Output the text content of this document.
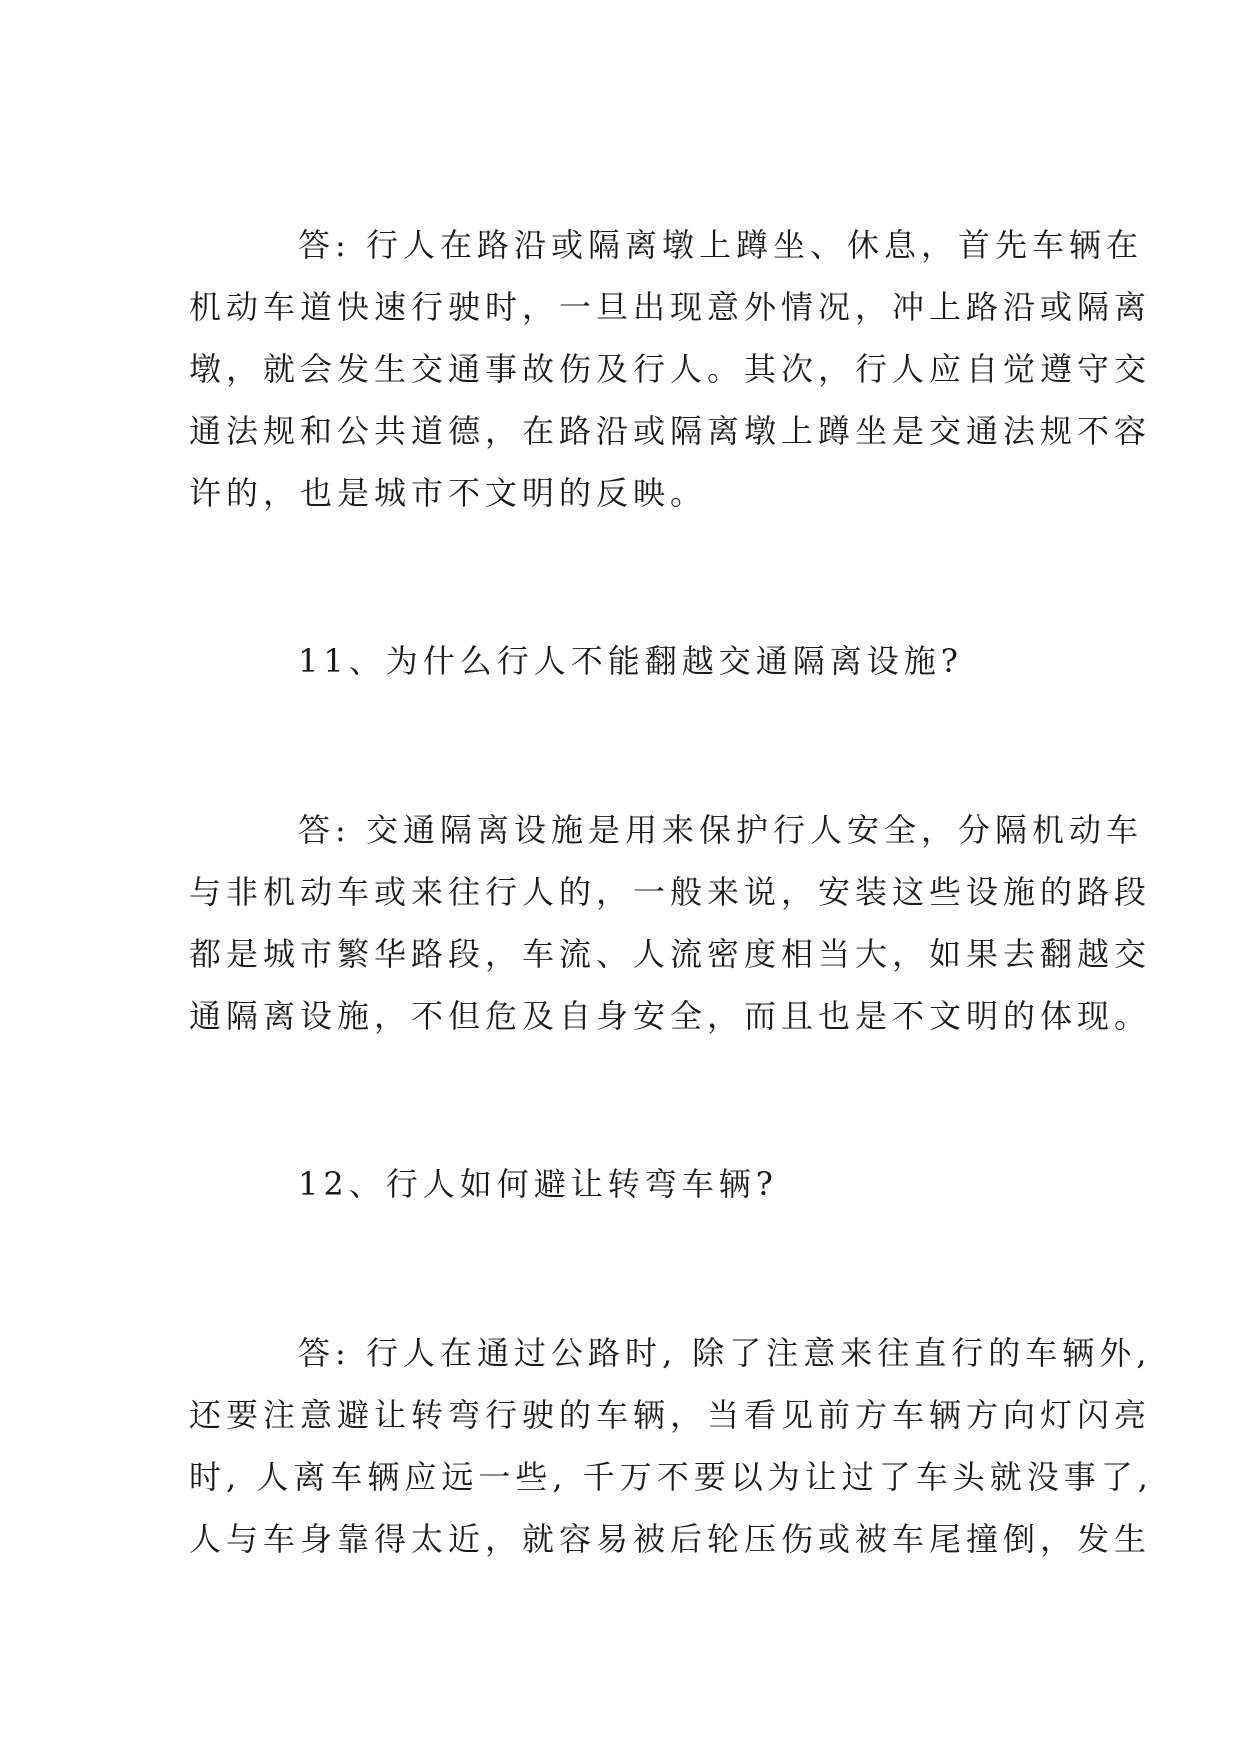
答: 行人在路沿或隔离墩上蹲坐、休息，首先车辆在
机动车道快速行驶时，一旦出现意外情况，冲上路沿或隔离
墩，就会发生交通事故伤及行人。其次，行人应自觉遵守交
通法规和公共道德，在路沿或隔离墩上蹲坐是交通法规不容
许的，也是城市不文明的反映。
11、为什么行人不能翻越交通隔离设施?
答: 交通隔离设施是用来保护行人安全，分隔机动车
与非机动车或来往行人的，一般来说，安装这些设施的路段
都是城市繁华路段，车流、人流密度相当大，如果去翻越交
通隔离设施，不但危及自身安全，而且也是不文明的体现。
12、行人如何避让转弯车辆?
答: 行人在通过公路时, 除了注意来往直行的车辆外,
还要注意避让转弯行驶的车辆，当看见前方车辆方向灯闪亮
时, 人离车辆应远一些, 千万不要以为让过了车头就没事了,
人与车身靠得太近，就容易被后轮压伤或被车尾撞倒，发生
